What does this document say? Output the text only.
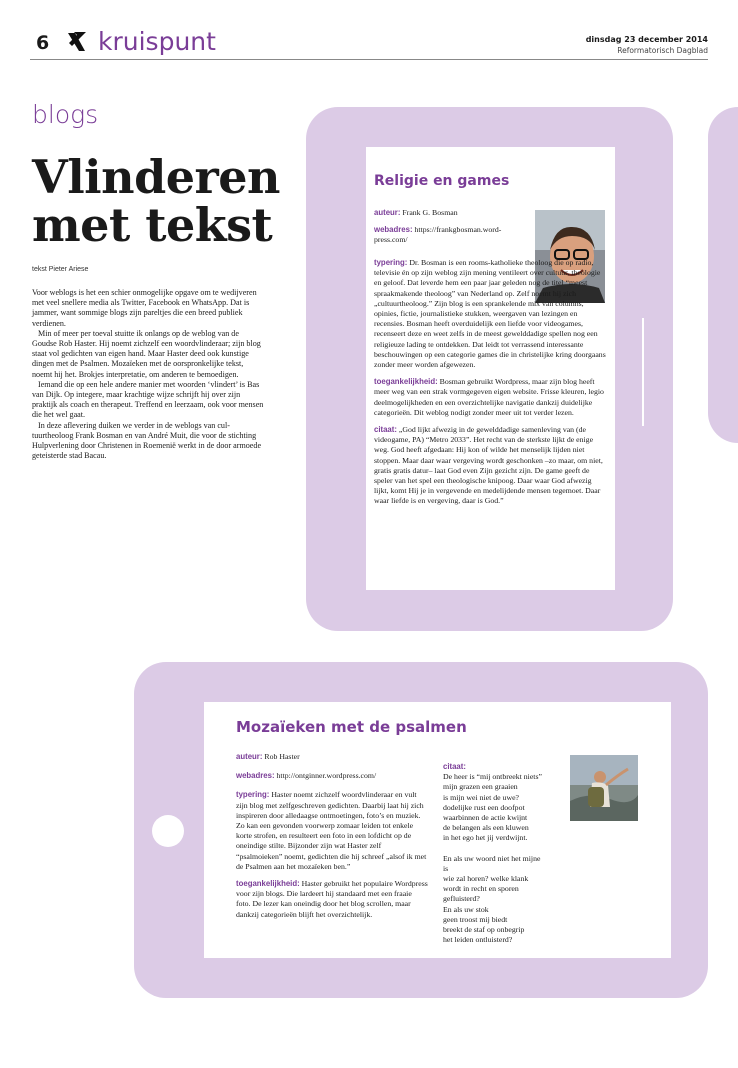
6 kruispunt	dinsdag 23 december 2014
Reformatorisch Dagblad
blogs
Vlinderen
met tekst
tekst Pieter Ariese

Voor weblogs is het een schier onmogelijke opgave om te wedijveren met veel snellere media als Twitter, Facebook en WhatsApp. Dat is jammer, want sommige blogs zijn pareltjes die een breed publiek verdienen.

Min of meer per toeval stuitte ik onlangs op de weblog van de Goudse Rob Haster. Hij noemt zichzelf een woordvlinderaar; zijn blog staat vol gedichten van eigen hand. Maar Haster deed ook kunstige dingen met de Psalmen. Mozaïeken met de oorspronkelijke tekst, noemt hij het. Brokjes interpretatie, om anderen te bemoedigen.

Iemand die op een hele andere manier met woorden ‘vlindert’ is Bas van Dijk. Op integere, maar krachtige wijze schrijft hij over zijn praktijk als coach en therapeut. Treffend en leerzaam, ook voor mensen die het wel gaat.

In deze aflevering duiken we verder in de weblogs van cultuurtheoloog Frank Bosman en van André Muit, die voor de stichting Hulpverlening door Christenen in Roemenië werkt in de door armoede geteisterde stad Bacau.

Religie en games

auteur: Frank G. Bosman

webadres: https://frankgbosman.wordpress.com/

typering: Dr. Bosman is een rooms-katholieke theoloog die op radio, televisie én op zijn weblog zijn mening ventileert over cultuur, theologie en geloof. Dat leverde hem een paar jaar geleden nog de titel “meest spraakmakende theoloog” van Nederland op. Zelf noemt hij zich „cultuurtheoloog.” Zijn blog is een sprankelende mix van columns, opinies, fictie, journalistieke stukken, weergaven van lezingen en recensies. Bosman heeft overduidelijk een liefde voor videogames, recenseert deze en weet zelfs in de meest gewelddadige spellen nog een religieuze lading te ontdekken. Dat leidt tot verrassend interessante beschouwingen op een categorie games die in christelijke kring doorgaans zonder meer worden afgewezen.

toegankelijkheid: Bosman gebruikt Wordpress, maar zijn blog heeft meer weg van een strak vormgegeven eigen website. Frisse kleuren, legio deelmogelijkheden en een overzichtelijke navigatie dankzij duidelijke categorieën. Dit weblog nodigt zonder meer uit tot verder lezen.

citaat: „God lijkt afwezig in de gewelddadige samenleving van (de videogame, PA) “Metro 2033”. Het recht van de sterkste lijkt de enige weg. God heeft afgedaan: Hij kon of wilde het menselijk lijden niet stoppen. Maar daar waar vergeving wordt geschonken –zo maar, om niet, gratis gratis datur– laat God even Zijn gezicht zijn. De game geeft de speler van het spel een theologische knipoog. Daar waar God afwezig lijkt, komt Hij je in vergevende en medelijdende mensen tegemoet. Daar waar liefde is en vergeving, daar is God.”

Mozaïeken met de psalmen

auteur: Rob Haster

webadres: http://ontginner.wordpress.com/

typering: Haster noemt zichzelf woordvlinderaar en vult zijn blog met zelfgeschreven gedichten. Daarbij laat hij zich inspireren door alledaagse ontmoetingen, foto’s en muziek. Zo kan een gevonden voorwerp zomaar leiden tot enkele korte strofen, en resulteert een foto in een lofdicht op de oneindige stilte. Bijzonder zijn wat Haster zelf “psalmoieken” noemt, gedichten die hij schreef „alsof ik met de Psalmen aan het mozaïeken ben.”

toegankelijkheid: Haster gebruikt het populaire Wordpress voor zijn blogs. Die lardeert hij standaard met een fraaie foto. De lezer kan oneindig door het blog scrollen, maar dankzij categorieën blijft het overzichtelijk.

citaat:
De heer is “mij ontbreekt niets”
mijn grazen een graaien
is mijn wei niet de uwe?
dodelijke rust een doofpot
waarbinnen de actie kwijnt
de belangen als een kluwen
in het ego het jij verdwijnt.
En als uw woord niet het mijne
is
wie zal horen? welke klank
wordt in recht en sporen
gefluisterd?
En als uw stok
geen troost mij biedt
breekt de staf op onbegrip
het leiden ontluisterd?
